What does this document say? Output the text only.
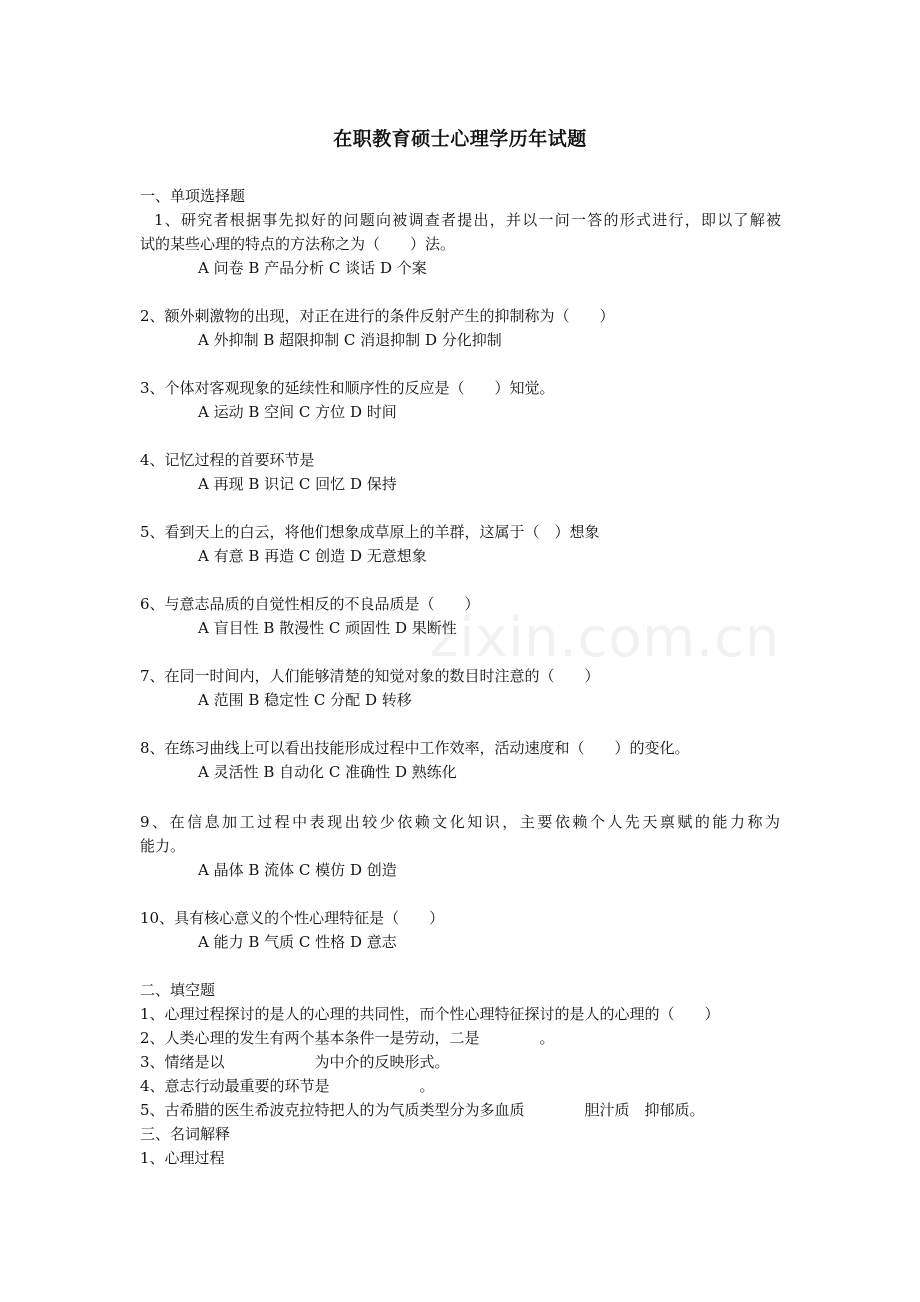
zixin.com.cn
在职教育硕士心理学历年试题
一、单项选择题
1、研究者根据事先拟好的问题向被调查者提出，并以一问一答的形式进行，即以了解被
试的某些心理的特点的方法称之为（　　）法。
A 问卷 B 产品分析 C 谈话 D 个案
2、额外刺激物的出现，对正在进行的条件反射产生的抑制称为（　　）
A 外抑制 B 超限抑制 C 消退抑制 D 分化抑制
3、个体对客观现象的延续性和顺序性的反应是（　　）知觉。
A 运动 B 空间 C 方位 D 时间
4、记忆过程的首要环节是
A 再现 B 识记 C 回忆 D 保持
5、看到天上的白云，将他们想象成草原上的羊群，这属于（　）想象
A 有意 B 再造 C 创造 D 无意想象
6、与意志品质的自觉性相反的不良品质是（　　）
A 盲目性 B 散漫性 C 顽固性 D 果断性
7、在同一时间内，人们能够清楚的知觉对象的数目时注意的（　　）
A 范围 B 稳定性 C 分配 D 转移
8、在练习曲线上可以看出技能形成过程中工作效率，活动速度和（　　）的变化。
A 灵活性 B 自动化 C 准确性 D 熟练化
9、在信息加工过程中表现出较少依赖文化知识，主要依赖个人先天禀赋的能力称为
能力。
A 晶体 B 流体 C 模仿 D 创造
10、具有核心意义的个性心理特征是（　　）
A 能力 B 气质 C 性格 D 意志
二、填空题
1、心理过程探讨的是人的心理的共同性，而个性心理特征探讨的是人的心理的（　　）
2、人类心理的发生有两个基本条件一是劳动，二是　　　　。
3、情绪是以　　　　　　为中介的反映形式。
4、意志行动最重要的环节是　　　　　　。
5、古希腊的医生希波克拉特把人的为气质类型分为多血质　　　　胆汁质　抑郁质。
三、名词解释
1、心理过程
